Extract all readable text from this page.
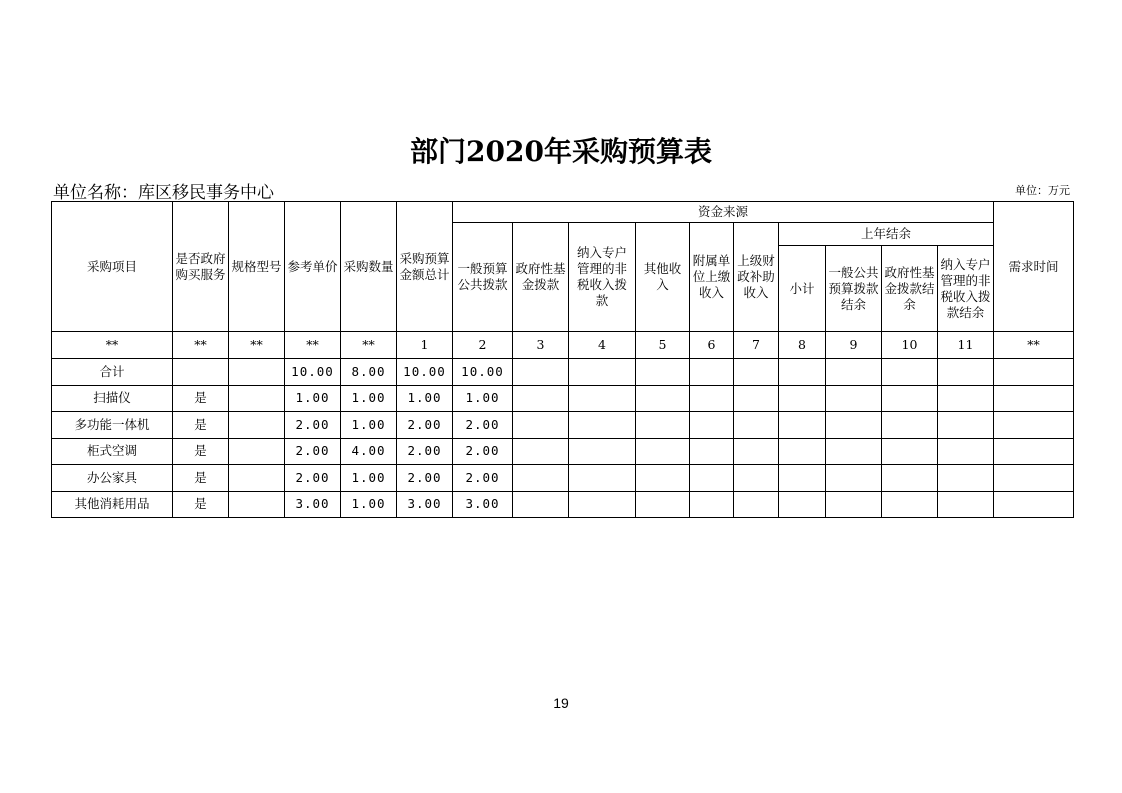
部门2020年采购预算表
单位名称：库区移民事务中心	单位：万元
采购项目	是否政府购买服务	规格型号	参考单价	采购数量	采购预算金额总计	资金来源										需求时间
						一般预算公共拨款	政府性基金拨款	纳入专户管理的非税收入拨款	其他收入	附属单位上缴收入	上级财政补助收入	上年结余				
												小计	一般公共预算拨款结余	政府性基金拨款结余	纳入专户管理的非税收入拨款结余	
**	**	**	**	**	1	2	3	4	5	6	7	8	9	10	11	**
合计			10.00	8.00	10.00	10.00										
扫描仪	是		1.00	1.00	1.00	1.00										
多功能一体机	是		2.00	1.00	2.00	2.00										
柜式空调	是		2.00	4.00	2.00	2.00										
办公家具	是		2.00	1.00	2.00	2.00										
其他消耗用品	是		3.00	1.00	3.00	3.00										
19
